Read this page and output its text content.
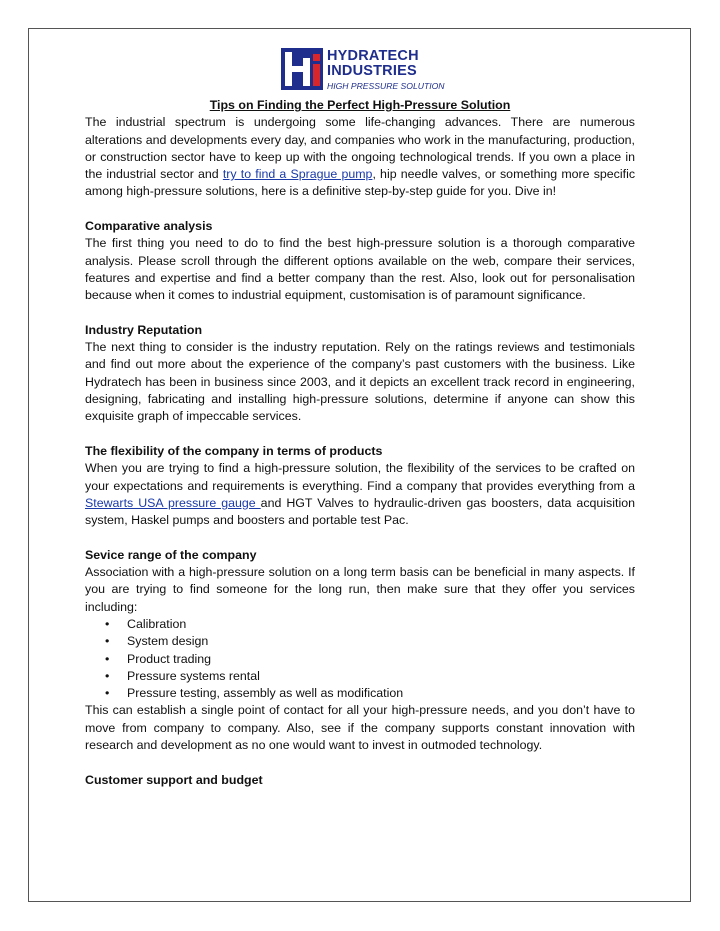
HYDRATECH
INDUSTRIES
HIGH PRESSURE SOLUTION

Tips on Finding the Perfect High-Pressure Solution

The industrial spectrum is undergoing some life-changing advances. There are numerous alterations and developments every day, and companies who work in the manufacturing, production, or construction sector have to keep up with the ongoing technological trends. If you own a place in the industrial sector and try to find a Sprague pump, hip needle valves, or something more specific among high-pressure solutions, here is a definitive step-by-step guide for you. Dive in!

Comparative analysis

The first thing you need to do to find the best high-pressure solution is a thorough comparative analysis. Please scroll through the different options available on the web, compare their services, features and expertise and find a better company than the rest. Also, look out for personalisation because when it comes to industrial equipment, customisation is of paramount significance.

Industry Reputation

The next thing to consider is the industry reputation. Rely on the ratings reviews and testimonials and find out more about the experience of the company’s past customers with the business. Like Hydratech has been in business since 2003, and it depicts an excellent track record in engineering, designing, fabricating and installing high-pressure solutions, determine if anyone can show this exquisite graph of impeccable services.

The flexibility of the company in terms of products

When you are trying to find a high-pressure solution, the flexibility of the services to be crafted on your expectations and requirements is everything. Find a company that provides everything from a Stewarts USA pressure gauge and HGT Valves to hydraulic-driven gas boosters, data acquisition system, Haskel pumps and boosters and portable test Pac.

Sevice range of the company

Association with a high-pressure solution on a long term basis can be beneficial in many aspects. If you are trying to find someone for the long run, then make sure that they offer you services including:

• Calibration
• System design
• Product trading
• Pressure systems rental
• Pressure testing, assembly as well as modification

This can establish a single point of contact for all your high-pressure needs, and you don’t have to move from company to company. Also, see if the company supports constant innovation with research and development as no one would want to invest in outmoded technology.

Customer support and budget
